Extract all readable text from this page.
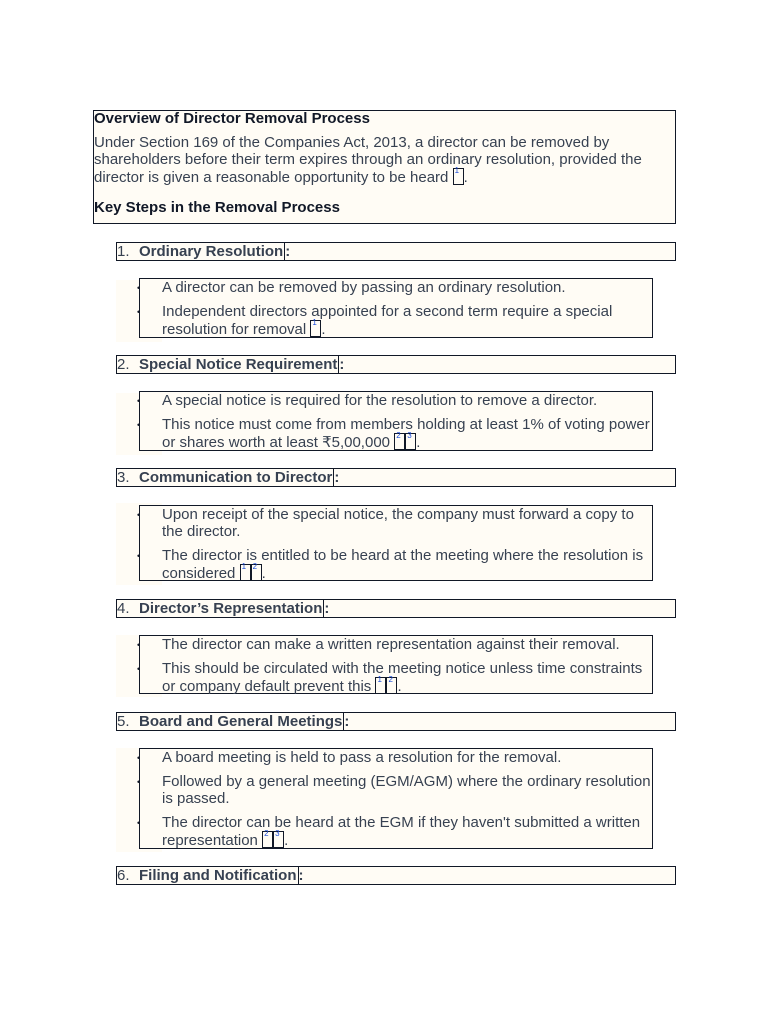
Overview of Director Removal Process

Under Section 169 of the Companies Act, 2013, a director can be removed by shareholders before their term expires through an ordinary resolution, provided the director is given a reasonable opportunity to be heard 1 .

Key Steps in the Removal Process
1. Ordinary Resolution :
• A director can be removed by passing an ordinary resolution.
• Independent directors appointed for a second term require a special resolution for removal 1 .
2. Special Notice Requirement :
• A special notice is required for the resolution to remove a director.
• This notice must come from members holding at least 1% of voting power or shares worth at least ₹5,00,000 2 3 .
3. Communication to Director :
• Upon receipt of the special notice, the company must forward a copy to the director.
• The director is entitled to be heard at the meeting where the resolution is considered 1 2 .
4. Director’s Representation :
• The director can make a written representation against their removal.
• This should be circulated with the meeting notice unless time constraints or company default prevent this 1 2 .
5. Board and General Meetings :
• A board meeting is held to pass a resolution for the removal.
• Followed by a general meeting (EGM/AGM) where the ordinary resolution is passed.
• The director can be heard at the EGM if they haven't submitted a written representation 2 3 .
6. Filing and Notification :
